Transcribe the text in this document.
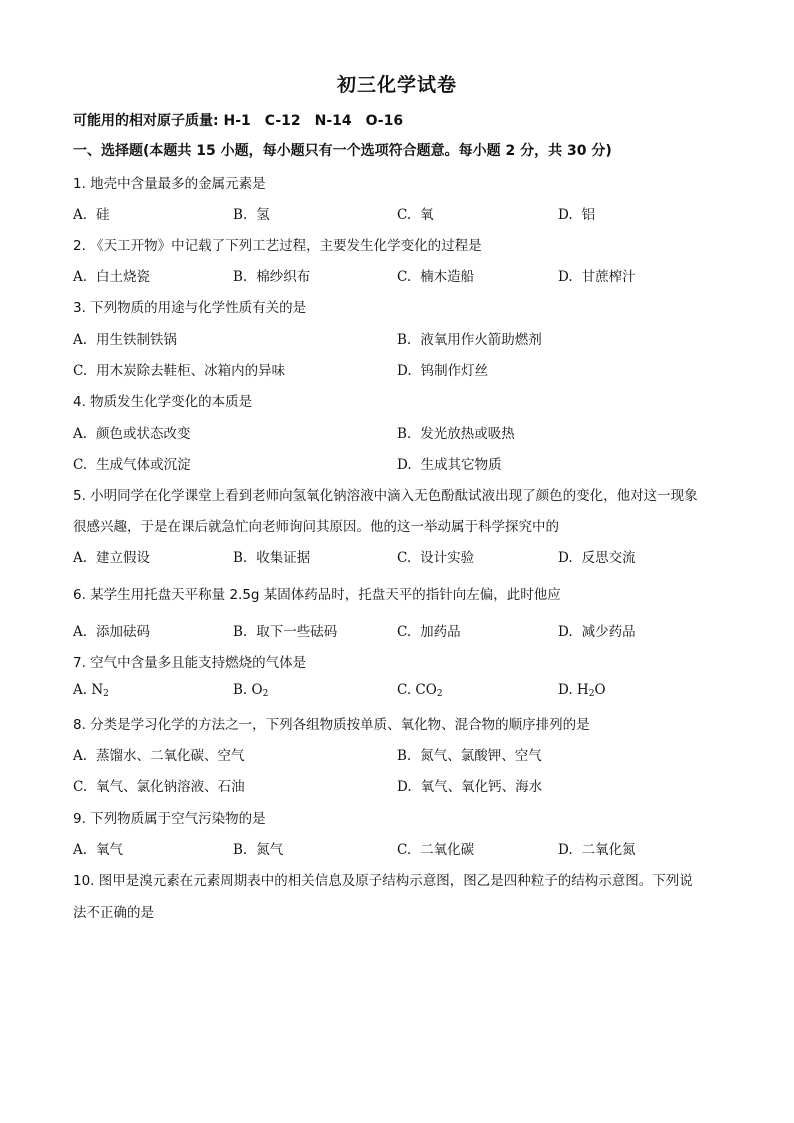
初三化学试卷
可能用的相对原子质量: H-1　C-12　N-14　O-16
一、选择题(本题共 15 小题，每小题只有一个选项符合题意。每小题 2 分，共 30 分)
1. 地壳中含量最多的金属元素是
A. 硅	B. 氢	C. 氧	D. 铝
2. 《天工开物》中记载了下列工艺过程，主要发生化学变化的过程是
A. 白土烧瓷	B. 棉纱织布	C. 楠木造船	D. 甘蔗榨汁
3. 下列物质的用途与化学性质有关的是
A. 用生铁制铁锅	B. 液氧用作火箭助燃剂
C. 用木炭除去鞋柜、冰箱内的异味	D. 钨制作灯丝
4. 物质发生化学变化的本质是
A. 颜色或状态改变	B. 发光放热或吸热
C. 生成气体或沉淀	D. 生成其它物质
5. 小明同学在化学课堂上看到老师向氢氧化钠溶液中滴入无色酚酞试液出现了颜色的变化，他对这一现象
很感兴趣，于是在课后就急忙向老师询问其原因。他的这一举动属于科学探究中的
A. 建立假设	B. 收集证据	C. 设计实验	D. 反思交流
6. 某学生用托盘天平称量 2.5g 某固体药品时，托盘天平的指针向左偏，此时他应
A. 添加砝码	B. 取下一些砝码	C. 加药品	D. 减少药品
7. 空气中含量多且能支持燃烧的气体是
A. $N_2$	B. $O_2$	C. $CO_2$	D. $H_2O$
8. 分类是学习化学的方法之一，下列各组物质按单质、氧化物、混合物的顺序排列的是
A. 蒸馏水、二氧化碳、空气	B. 氮气、氯酸钾、空气
C. 氧气、氯化钠溶液、石油	D. 氧气、氧化钙、海水
9. 下列物质属于空气污染物的是
A. 氧气	B. 氮气	C. 二氧化碳	D. 二氧化氮
10. 图甲是溴元素在元素周期表中的相关信息及原子结构示意图，图乙是四种粒子的结构示意图。下列说
法不正确的是
